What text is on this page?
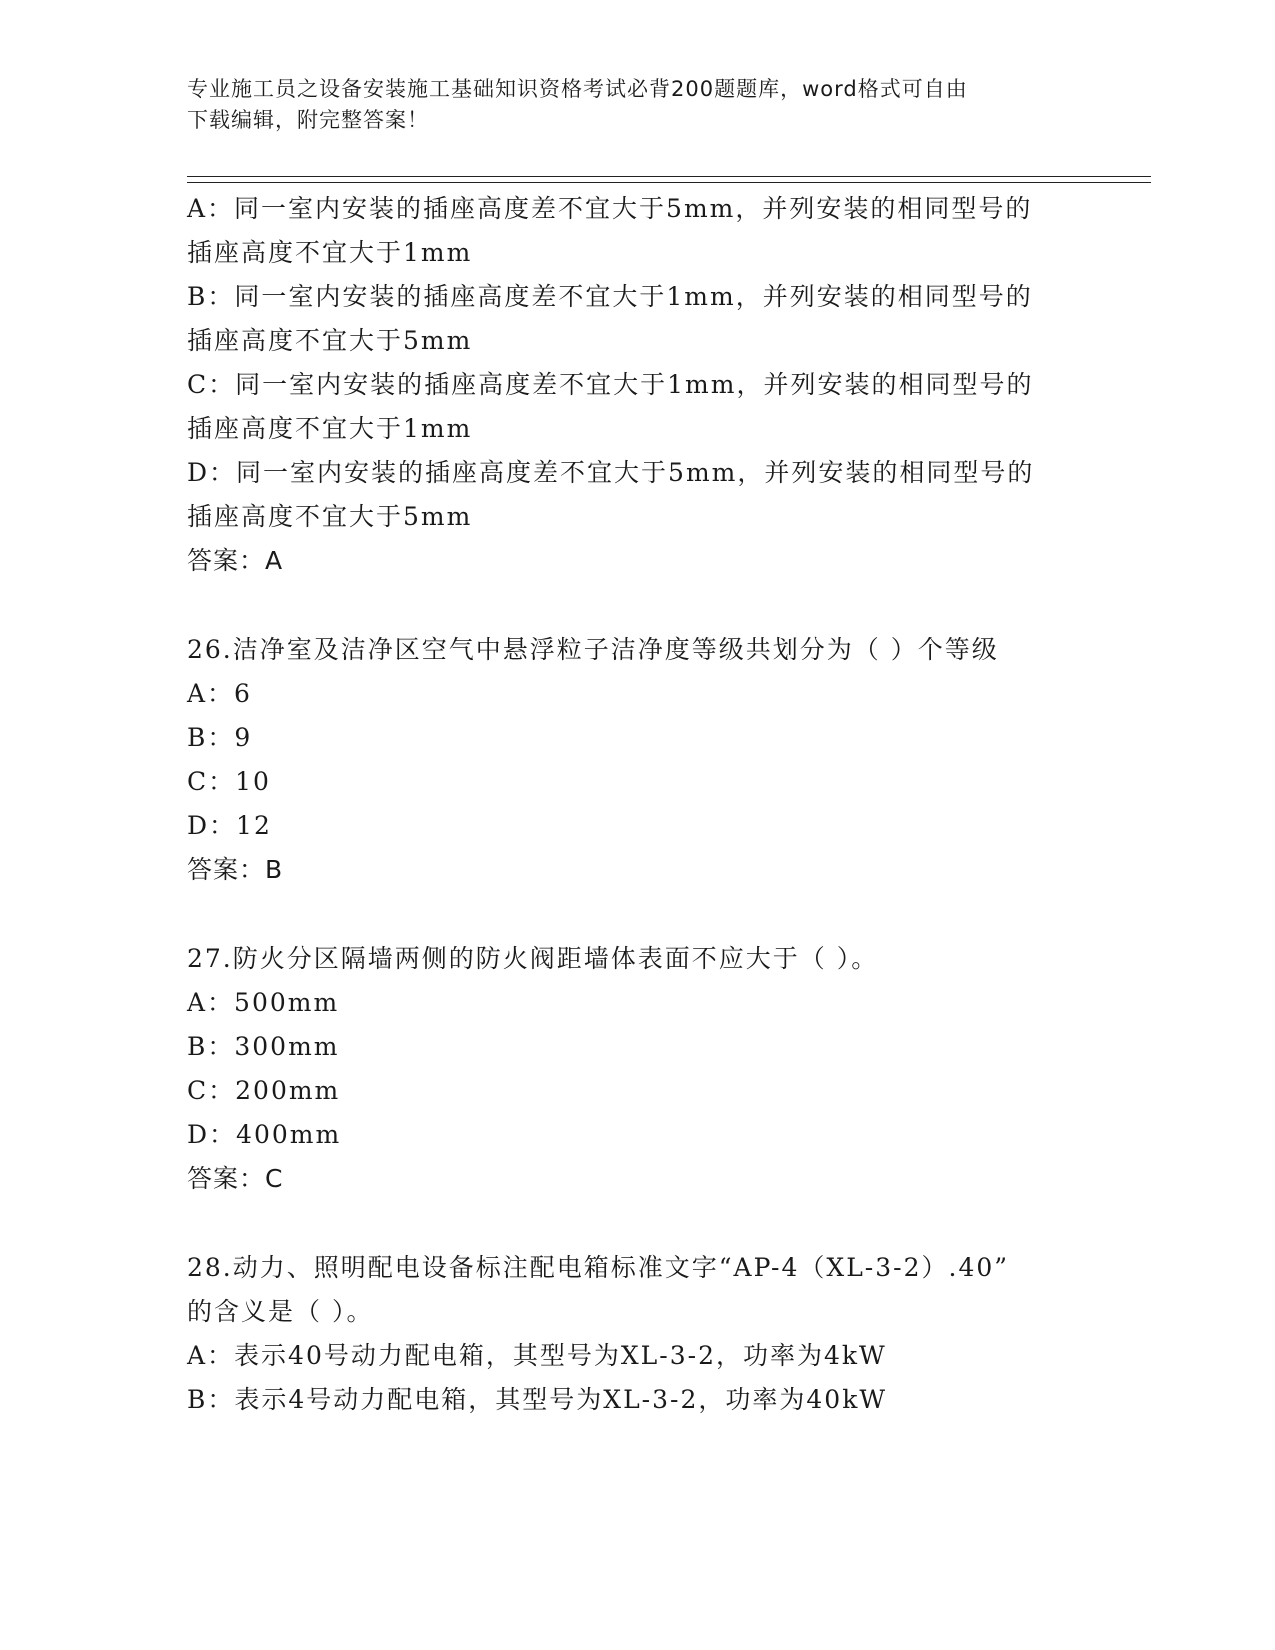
专业施工员之设备安装施工基础知识资格考试必背200题题库，word格式可自由
下载编辑，附完整答案！
A：同一室内安装的插座高度差不宜大于5mm，并列安装的相同型号的
插座高度不宜大于1mm
B：同一室内安装的插座高度差不宜大于1mm，并列安装的相同型号的
插座高度不宜大于5mm
C：同一室内安装的插座高度差不宜大于1mm，并列安装的相同型号的
插座高度不宜大于1mm
D：同一室内安装的插座高度差不宜大于5mm，并列安装的相同型号的
插座高度不宜大于5mm
答案：A
26.洁净室及洁净区空气中悬浮粒子洁净度等级共划分为（ ）个等级
A：6
B：9
C：10
D：12
答案：B
27.防火分区隔墙两侧的防火阀距墙体表面不应大于（ ）。
A：500mm
B：300mm
C：200mm
D：400mm
答案：C
28.动力、照明配电设备标注配电箱标准文字“AP-4（XL-3-2）.40”
的含义是（ ）。
A：表示40号动力配电箱，其型号为XL-3-2，功率为4kW
B：表示4号动力配电箱，其型号为XL-3-2，功率为40kW
